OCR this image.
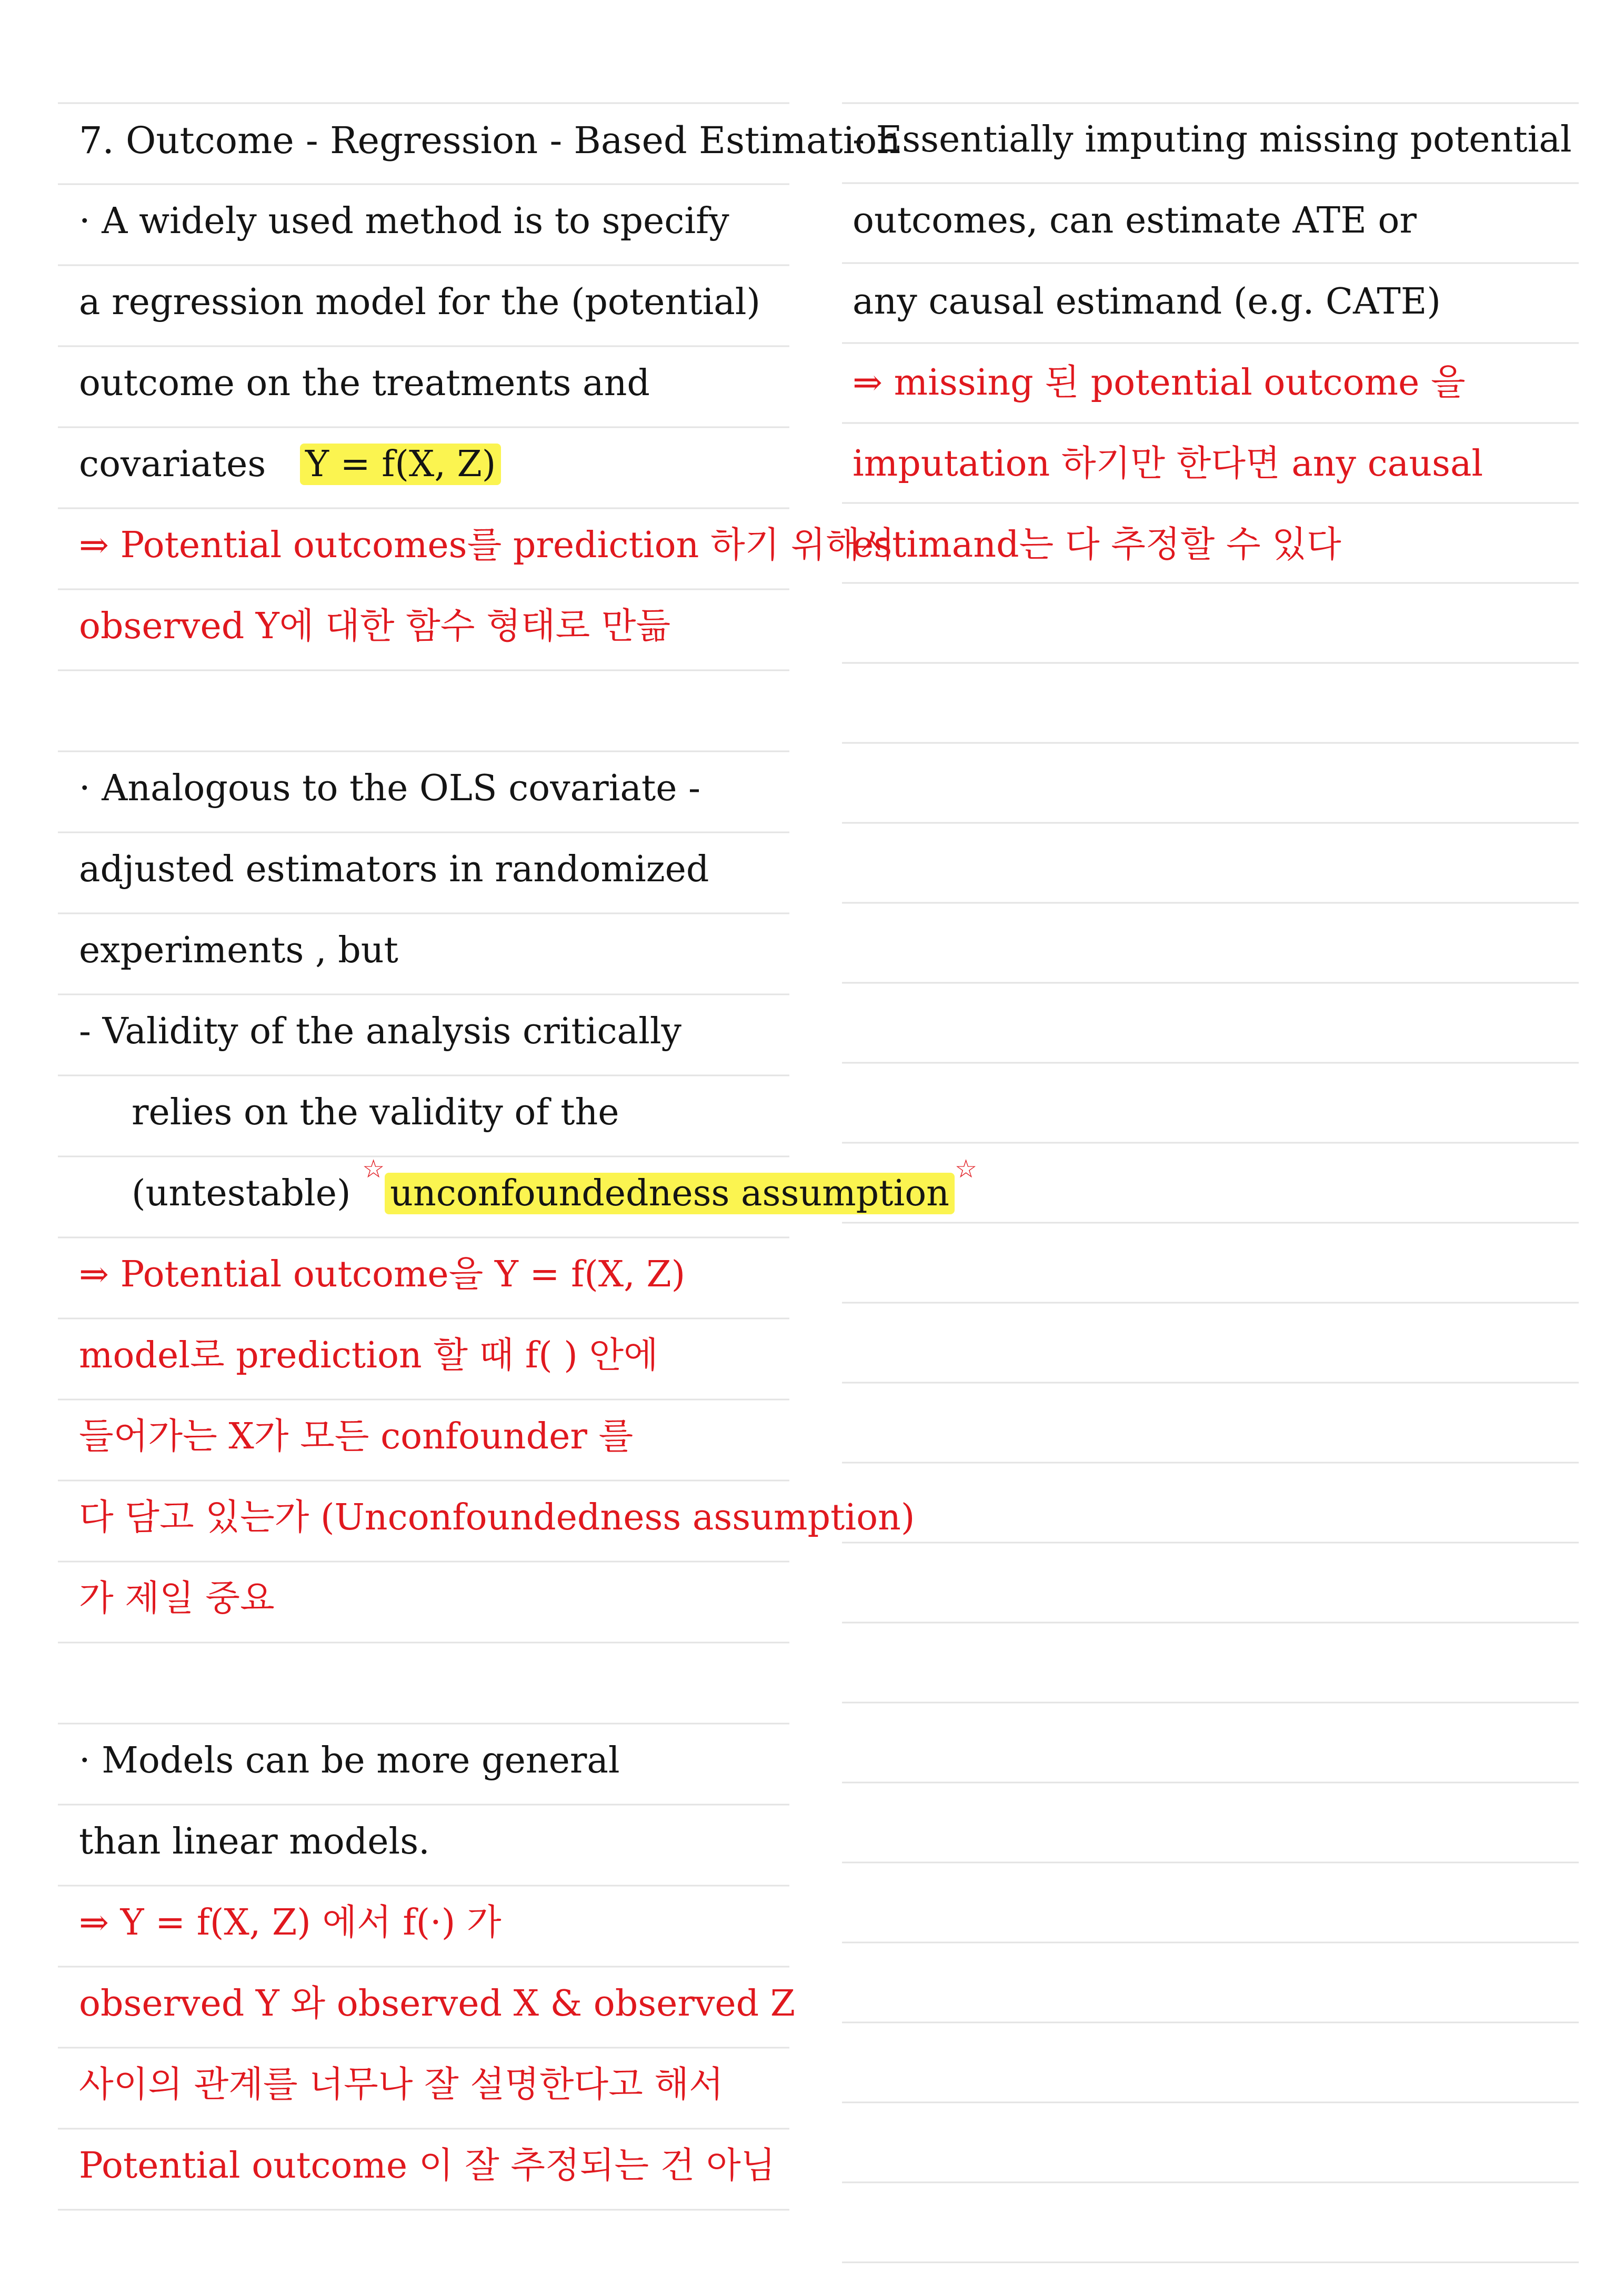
7. Outcome - Regression - Based Estimation
· A widely used method is to specify
a regression model for the (potential)
outcome on the treatments and
covariates Y = f(X, Z)
⇒ Potential outcomes를 prediction 하기 위해서
observed Y에 대한 함수 형태로 만듦
· Analogous to the OLS covariate -
adjusted estimators in randomized
experiments , but
- Validity of the analysis critically
relies on the validity of the
(untestable) ☆unconfoundedness assumption☆
⇒ Potential outcome을 Y = f(X, Z)
model로 prediction 할 때 f( ) 안에
들어가는 X가 모든 confounder 를
다 담고 있는가 (Unconfoundedness assumption)
가 제일 중요
· Models can be more general
than linear models.
⇒ Y = f(X, Z) 에서 f(·) 가
observed Y 와 observed X & observed Z
사이의 관계를 너무나 잘 설명한다고 해서
Potential outcome 이 잘 추정되는 건 아님
- Essentially imputing missing potential
outcomes, can estimate ATE or
any causal estimand (e.g. CATE)
⇒ missing 된 potential outcome 을
imputation 하기만 한다면 any causal
estimand는 다 추정할 수 있다
